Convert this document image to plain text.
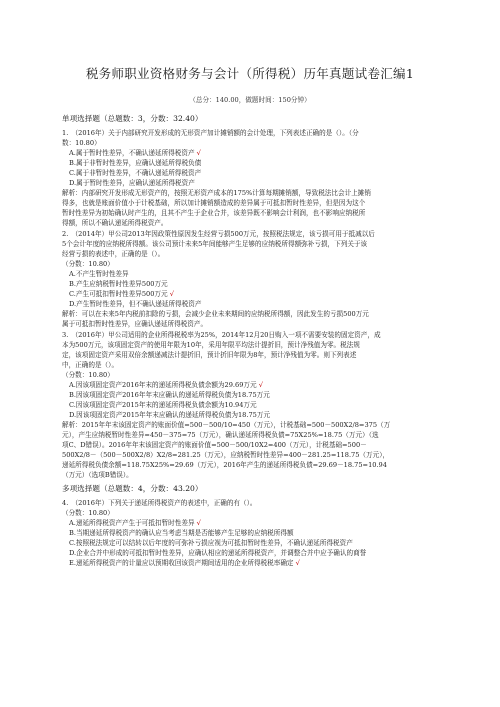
税务师职业资格财务与会计（所得税）历年真题试卷汇编1
（总分：140.00，做题时间：150分钟）
单项选择题（总题数：3，分数：32.40）
1.　（2016年）关于内部研究开发形成的无形资产加计摊销额的会计处理，下列表述正确的是（）。（分
数：10.80）
A.属于暂时性差异，不确认递延所得税资产 √
B.属于非暂时性差异，应确认递延所得税负债
C.属于非暂时性差异，不确认递延所得税资产
D.属于暂时性差异，应确认递延所得税资产
解析：内部研究开发形成无形资产的，按照无形资产成本的175%计算每期摊销额，导致税法比会计上摊销
得多，也就是账面价值小于计税基础，所以加计摊销额造成的差异属于可抵扣暂时性差异，但是因为这个
暂时性差异为初始确认时产生的，且其不产生于企业合并，该差异既不影响会计利润，也不影响应纳税所
得额，所以不确认递延所得税资产。
2.　（2014年）甲公司2013年因政策性原因发生经营亏损500万元，按照税法规定，该亏损可用于抵减以后
5个会计年度的应纳税所得额。该公司预计未来5年间能够产生足够的应纳税所得额弥补亏损，下列关于该
经营亏损的表述中，正确的是（）。
（分数：10.80）
A.不产生暂时性差异
B.产生应纳税暂时性差异500万元
C.产生可抵扣暂时性差异500万元 √
D.产生暂时性差异，但不确认递延所得税资产
解析：可以在未来5年内税前扣除的亏损，会减少企业未来期间的应纳税所得额，因此发生的亏损500万元
属于可抵扣暂时性差异，应确认递延所得税资产。
3.　（2016年）甲公司适用的企业所得税税率为25%，2014年12月20日购入一项不需要安装的固定资产，成
本为500万元，该项固定资产的使用年限为10年，采用年限平均法计提折旧，预计净残值为零。税法规
定，该项固定资产采用双倍余额递减法计提折旧，预计折旧年限为8年，预计净残值为零。则下列表述
中，正确的是（）。
（分数：10.80）
A.因该项固定资产2016年末的递延所得税负债余额为29.69万元 √
B.因该项固定资产2016年年末应确认的递延所得税负债为18.75万元
C.因该项固定资产2015年末的递延所得税负债余额为10.94万元
D.因该项固定资产2015年年末应确认的递延所得税负债为18.75万元
解析：2015年年末该固定资产的账面价值=500－500/10=450（万元），计税基础=500－500X2/8=375（万
元），产生应纳税暂时性差异=450－375=75（万元），确认递延所得税负债=75X25%=18.75（万元）（选
项C、D错误）。2016年年末该固定资产的账面价值=500－500/10X2=400（万元），计税基础=500－
500X2/8－（500－500X2/8）X2/8=281.25（万元），应纳税暂时性差异=400－281.25=118.75（万元），
递延所得税负债余额=118.75X25%=29.69（万元），2016年产生的递延所得税负债=29.69－18.75=10.94
（万元）（选项B错误）。
多项选择题（总题数：4，分数：43.20）
4.　（2016年）下列关于递延所得税资产的表述中，正确的有（）。
（分数：10.80）
A.递延所得税资产产生于可抵扣暂时性差异 √
B.当期递延所得税资产的确认应当考虑当期是否能够产生足够的应纳税所得额
C.按照税法规定可以结转以后年度的可弥补亏损应视为可抵扣暂时性差异，不确认递延所得税资产
D.企业合并中形成的可抵扣暂时性差异，应确认相应的递延所得税资产，并调整合并中应予确认的商誉
E.递延所得税资产的计量应以预期收回该资产期间适用的企业所得税税率确定 √
